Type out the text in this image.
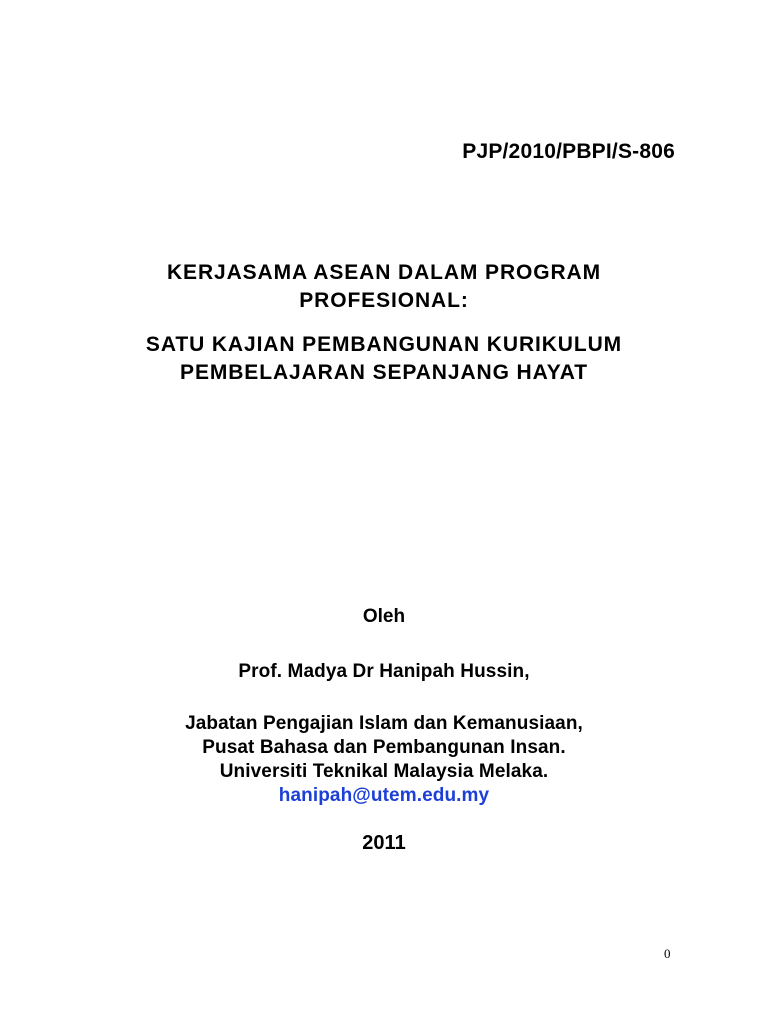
PJP/2010/PBPI/S-806
KERJASAMA ASEAN DALAM PROGRAM
PROFESIONAL:
SATU KAJIAN PEMBANGUNAN KURIKULUM
PEMBELAJARAN SEPANJANG HAYAT
Oleh
Prof. Madya Dr Hanipah Hussin,
Jabatan Pengajian Islam dan Kemanusiaan,
Pusat Bahasa dan Pembangunan Insan.
Universiti Teknikal Malaysia Melaka.
hanipah@utem.edu.my
2011
0
